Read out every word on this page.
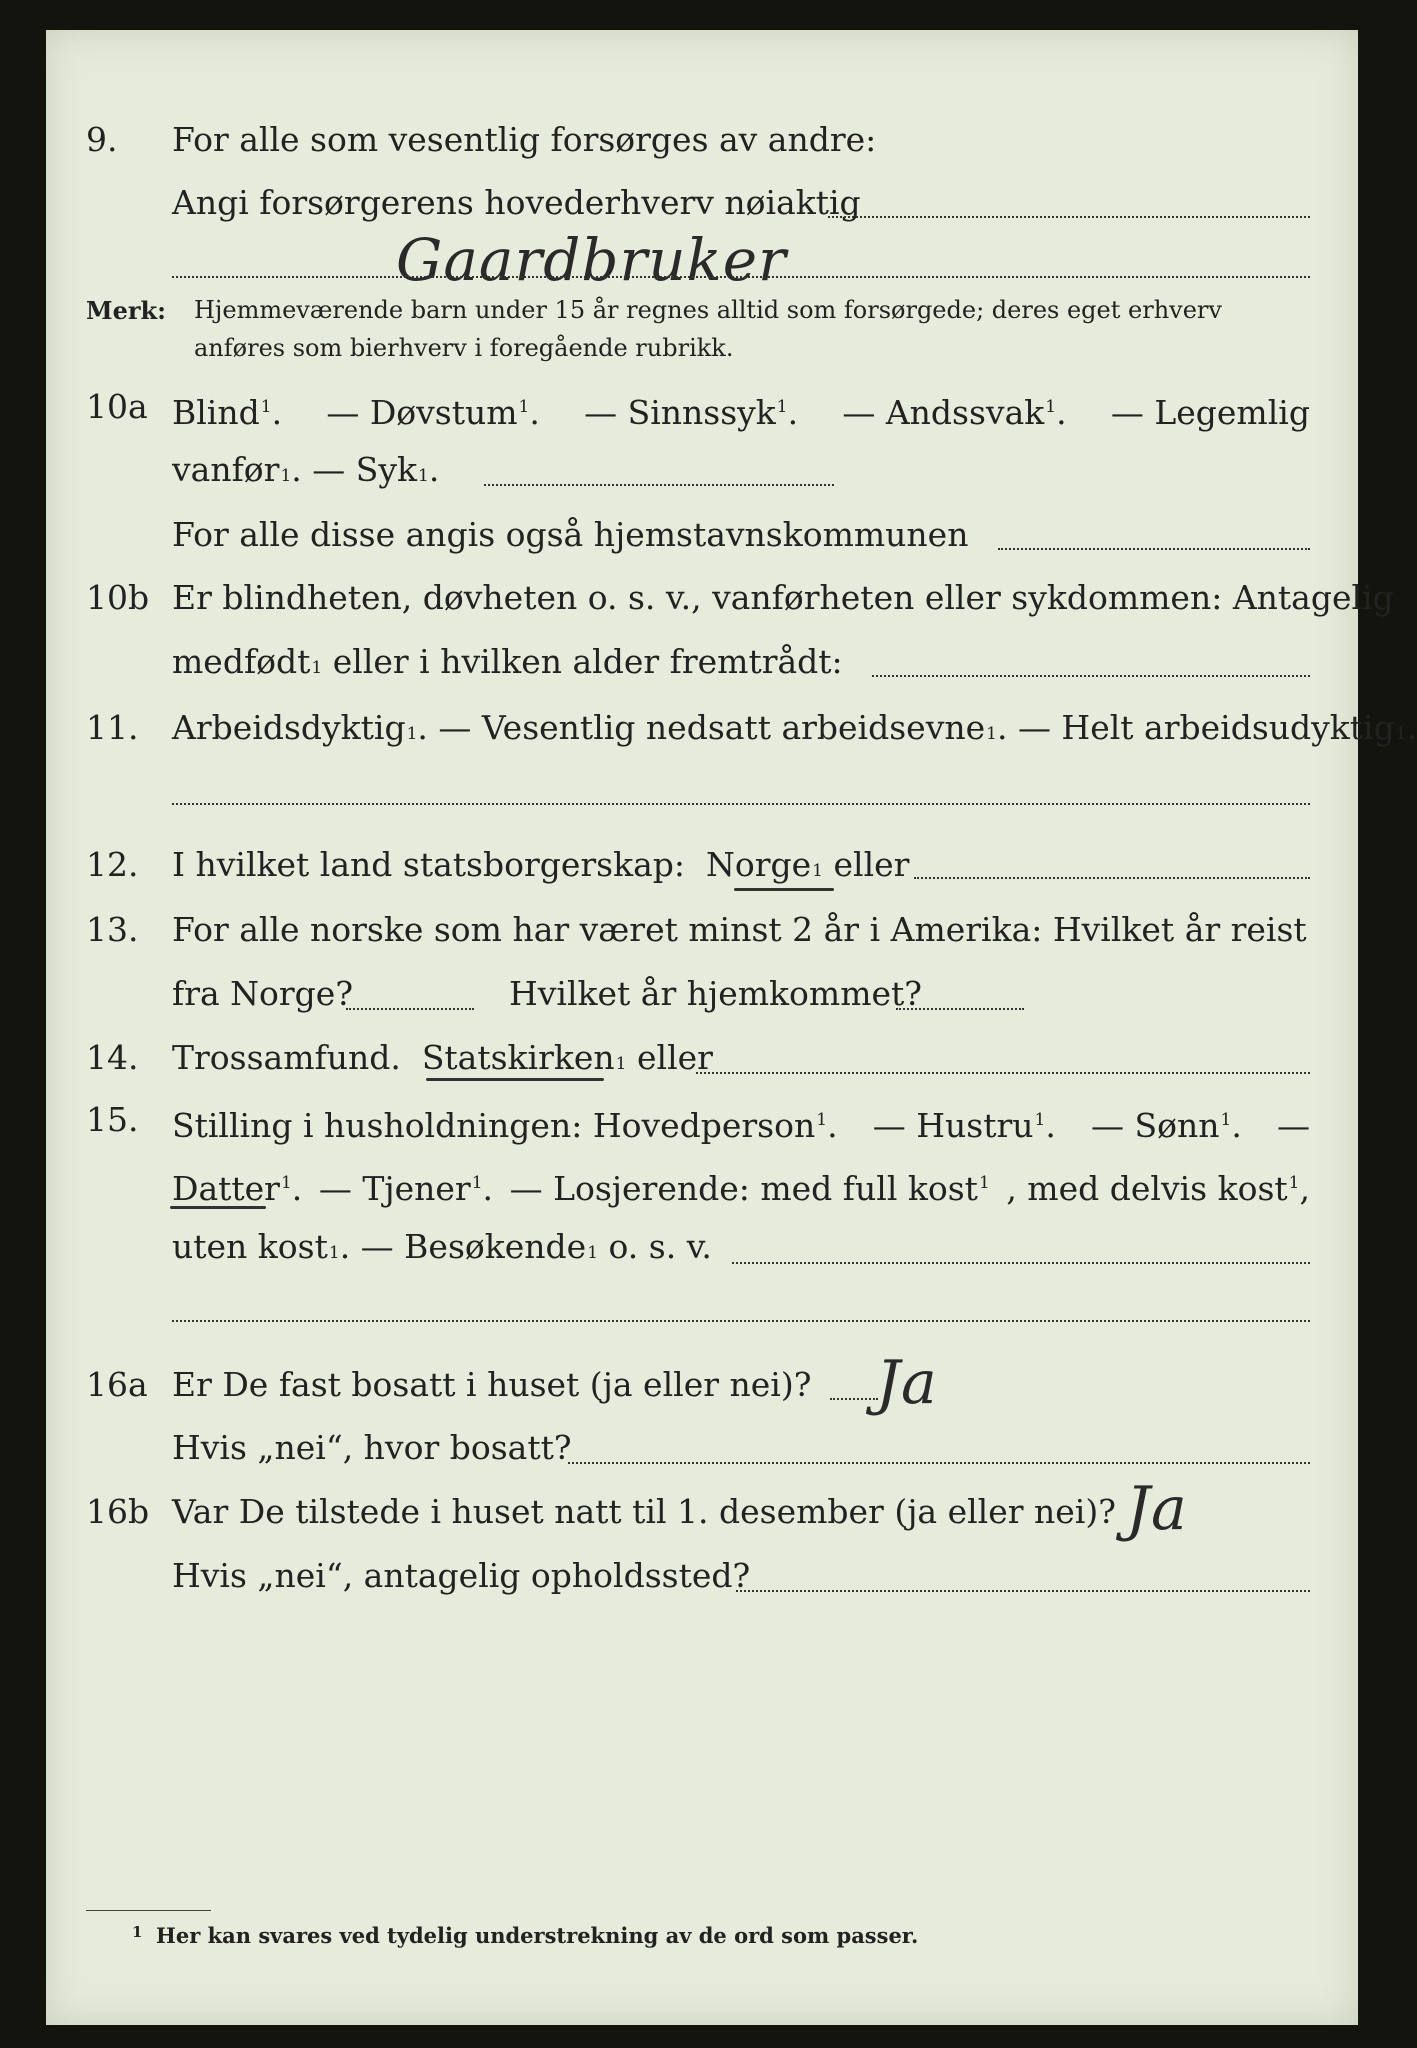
9. For alle som vesentlig forsørges av andre:
Angi forsørgerens hovederhverv nøiaktig
Gaardbruker
Merk: Hjemmeværende barn under 15 år regnes alltid som forsørgede; deres eget erhverv
anføres som bierhverv i foregående rubrikk.
10a Blind$^1$. — Døvstum$^1$. — Sinnssyk$^1$. — Andssvak$^1$. — Legemlig
vanfør 1 . — Syk 1 .
For alle disse angis også hjemstavnskommunen
10b Er blindheten, døvheten o. s. v., vanførheten eller sykdommen: Antagelig
medfødt 1
eller i hvilken alder fremtrådt:
11. Arbeidsdyktig 1 . — Vesentlig nedsatt arbeidsevne 1 . — Helt arbeidsudyktig 1 .
12. I hvilket land statsborgerskap:
Norge 1
eller
13. For alle norske som har været minst 2 år i Amerika: Hvilket år reist
fra Norge?	Hvilket år hjemkommet?
14. Trossamfund.
Statskirken 1
eller
15. Stilling i husholdningen: Hovedperson$^1$. — Hustru$^1$. — Sønn$^1$. —
Datter$^1$. — Tjener$^1$. — Losjerende: med full kost$^1$ , med delvis kost$^1$,
uten kost 1 . — Besøkende 1
o. s. v.
16a Er De fast bosatt i huset (ja eller nei)? Ja
Hvis „nei“, hvor bosatt?
16b Var De tilstede i huset natt til 1. desember (ja eller nei)? Ja
Hvis „nei“, antagelig opholdssted?
1 Her kan svares ved tydelig understrekning av de ord som passer.
